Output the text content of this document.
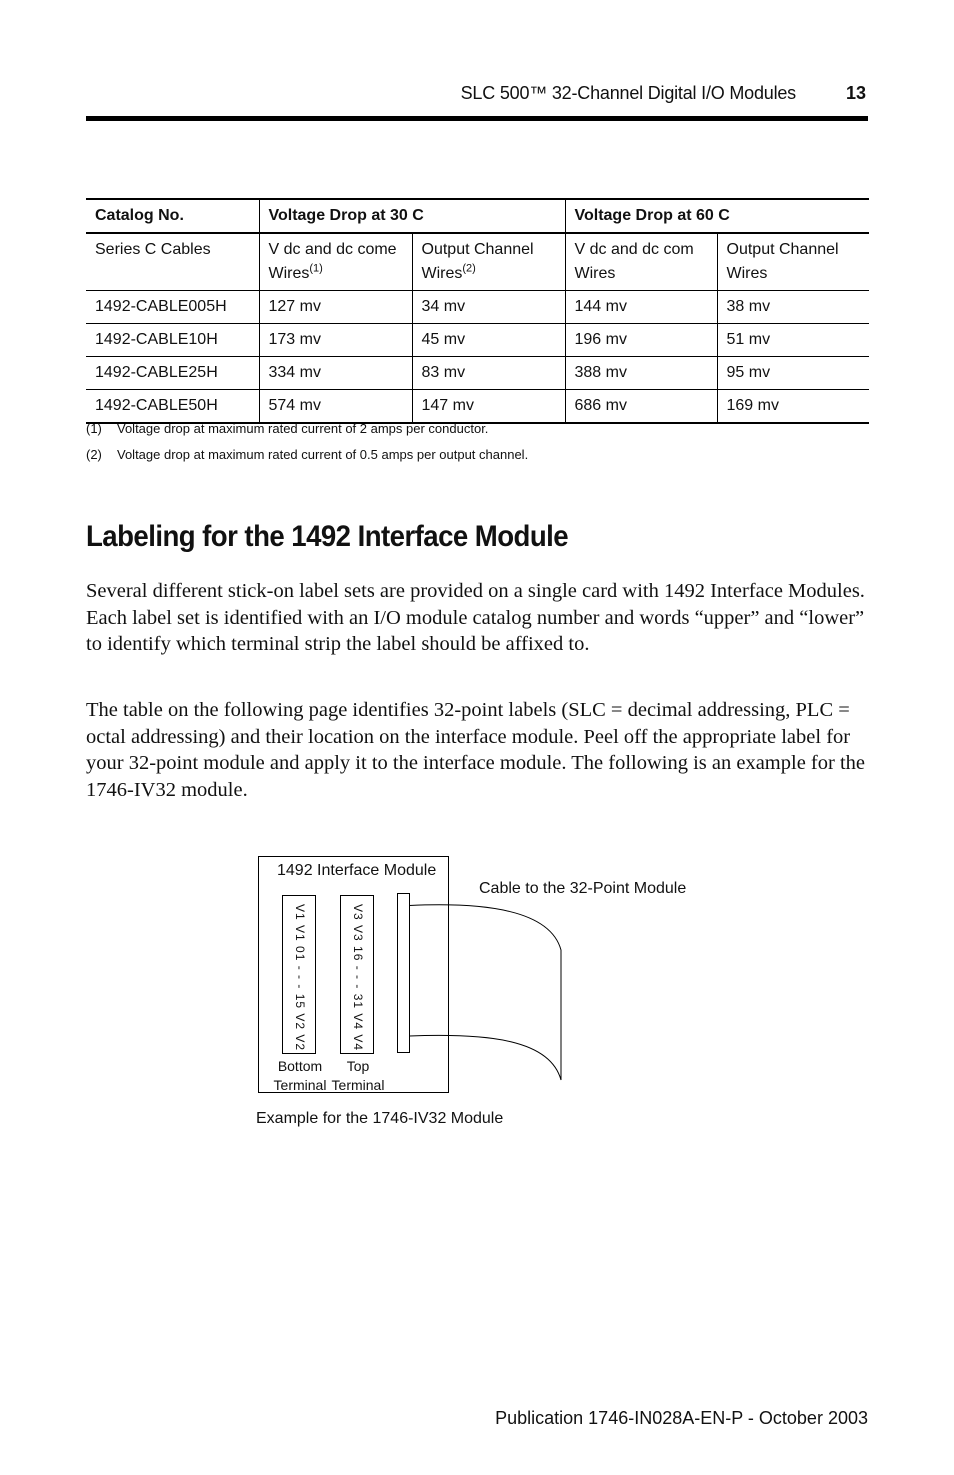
SLC 500™ 32-Channel Digital I/O Modules	13
Catalog No.	Voltage Drop at 30 C		Voltage Drop at 60 C	
Series C Cables	V dc and dc come Wires$^{(1)}$	Output Channel Wires$^{(2)}$	V dc and dc com Wires	Output Channel Wires
1492-CABLE005H	127 mv	34 mv	144 mv	38 mv
1492-CABLE10H	173 mv	45 mv	196 mv	51 mv
1492-CABLE25H	334 mv	83 mv	388 mv	95 mv
1492-CABLE50H	574 mv	147 mv	686 mv	169 mv
(1) Voltage drop at maximum rated current of 2 amps per conductor.
(2) Voltage drop at maximum rated current of 0.5 amps per output channel.
Labeling for the 1492 Interface Module

Several different stick-on label sets are provided on a single card with 1492 Interface Modules. Each label set is identified with an I/O module catalog number and words “upper” and “lower” to identify which terminal strip the label should be affixed to.

The table on the following page identifies 32-point labels (SLC = decimal addressing, PLC = octal addressing) and their location on the interface module. Peel off the appropriate label for your 32-point module and apply it to the interface module. The following is an example for the 1746-IV32 module.

1492 Interface Module
Cable to the 32-Point Module
V1 V1 01 - - - 15 V2 V2	V3 V3 16 - - - 31 V4 V4
Bottom
Terminal
Top
Terminal
Example for the 1746-IV32 Module
Publication 1746-IN028A-EN-P - October 2003
